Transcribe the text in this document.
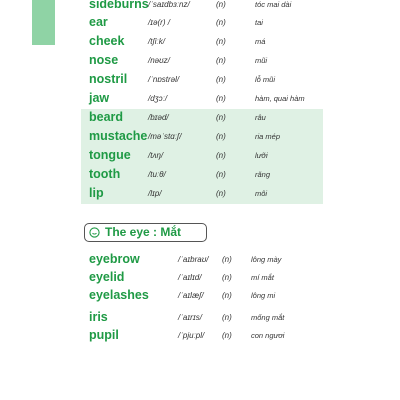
sideburns /ˈsaɪdbɜːnz/	(n)	tóc mai dài
ear	/ɪə(r) /	(n)	tai
cheek	/tʃiːk/	(n)	má
nose	/nəʊz/	(n)	mũi
nostril	/ˈnɒstrəl/	(n)	lỗ mũi
jaw	/dʒɔː/	(n)	hàm, quai hàm
beard	/bɪəd/	(n)	râu
mustache /məˈstɑːʃ/	(n)	ria mép
tongue /tʌŋ/	(n)	lưỡi
tooth	/tuːθ/	(n)	răng
lip	/lɪp/	(n)	môi
The eye : Mắt
eyebrow	/ˈaɪbraʊ/ (n)	lông mày
eyelid	/ˈaɪlɪd/	(n)	mí mắt
eyelashes	/ˈaɪlæʃ/ (n)	lông mi
iris	/ˈaɪrɪs/	(n)	mống mắt
pupil	/ˈpjuːpl/ (n)	con ngươi
